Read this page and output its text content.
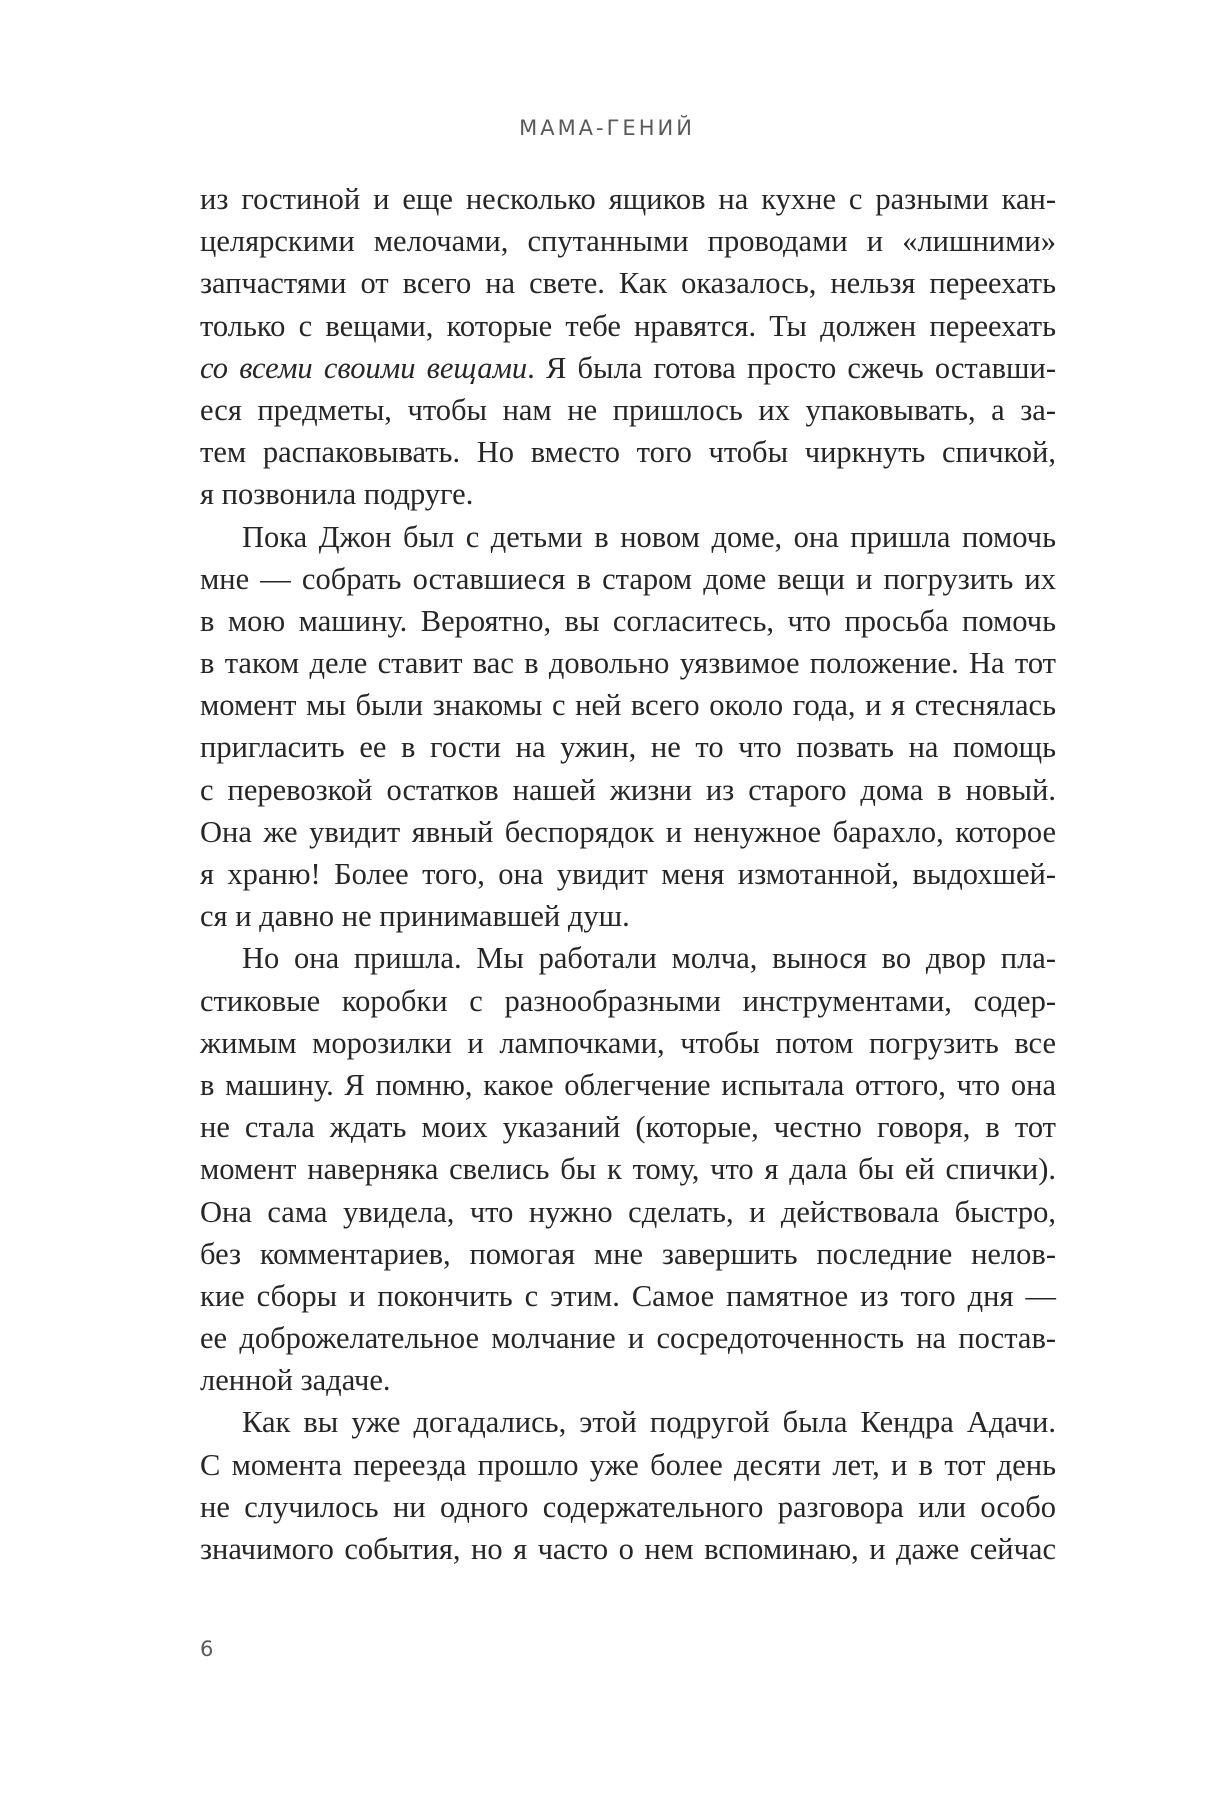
МАМА-ГЕНИЙ
из гостиной и еще несколько ящиков на кухне с разными кан-
целярскими мелочами, спутанными проводами и «лишними»
запчастями от всего на свете. Как оказалось, нельзя переехать
только с вещами, которые тебе нравятся. Ты должен переехать
со всеми своими вещами. Я была готова просто сжечь оставши-
еся предметы, чтобы нам не пришлось их упаковывать, а за-
тем распаковывать. Но вместо того чтобы чиркнуть спичкой,
я позвонила подруге.
Пока Джон был с детьми в новом доме, она пришла помочь
мне — собрать оставшиеся в старом доме вещи и погрузить их
в мою машину. Вероятно, вы согласитесь, что просьба помочь
в таком деле ставит вас в довольно уязвимое положение. На тот
момент мы были знакомы с ней всего около года, и я стеснялась
пригласить ее в гости на ужин, не то что позвать на помощь
с перевозкой остатков нашей жизни из старого дома в новый.
Она же увидит явный беспорядок и ненужное барахло, которое
я храню! Более того, она увидит меня измотанной, выдохшей-
ся и давно не принимавшей душ.
Но она пришла. Мы работали молча, вынося во двор пла-
стиковые коробки с разнообразными инструментами, содер-
жимым морозилки и лампочками, чтобы потом погрузить все
в машину. Я помню, какое облегчение испытала оттого, что она
не стала ждать моих указаний (которые, честно говоря, в тот
момент наверняка свелись бы к тому, что я дала бы ей спички).
Она сама увидела, что нужно сделать, и действовала быстро,
без комментариев, помогая мне завершить последние нелов-
кие сборы и покончить с этим. Самое памятное из того дня —
ее доброжелательное молчание и сосредоточенность на постав-
ленной задаче.
Как вы уже догадались, этой подругой была Кендра Адачи.
С момента переезда прошло уже более десяти лет, и в тот день
не случилось ни одного содержательного разговора или особо
значимого события, но я часто о нем вспоминаю, и даже сейчас
6
